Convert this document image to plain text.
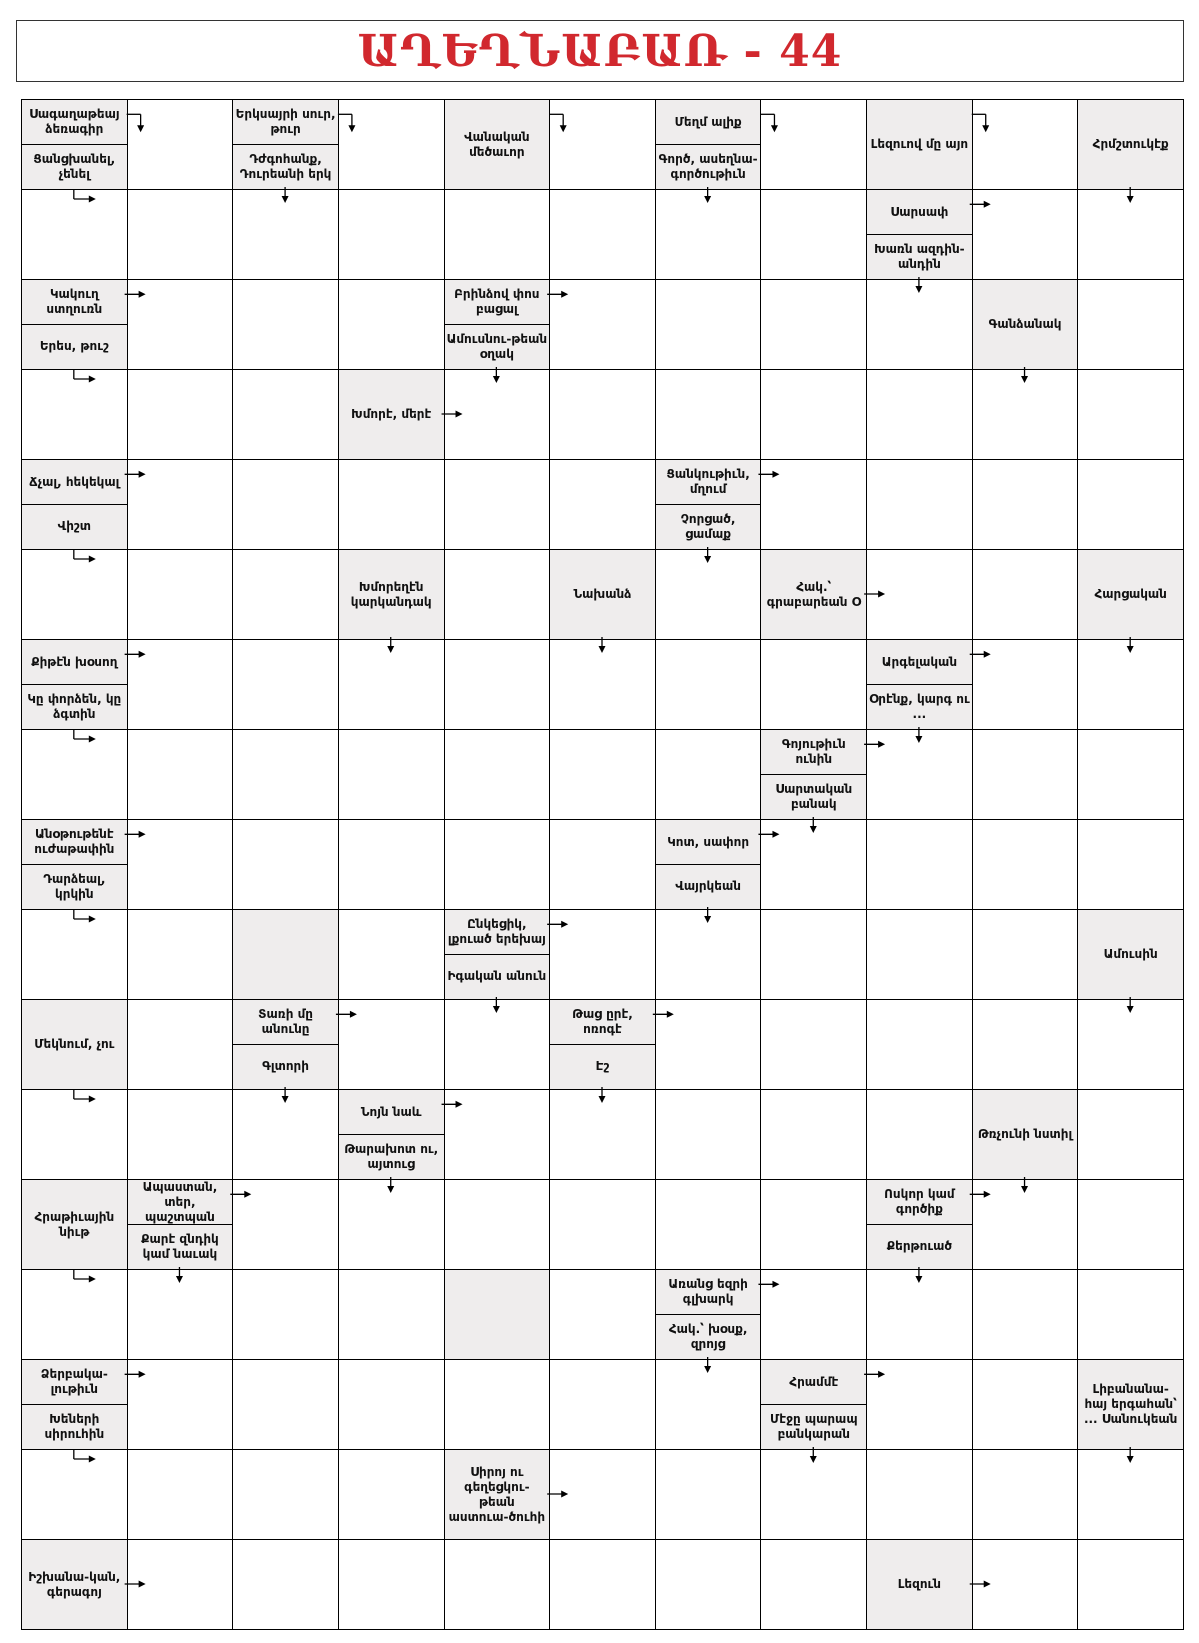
ԱՂԵՂՆԱԲԱՌ - 44
Սագաղաթեայ ձեռագիր
Ցանցխանել, չենել
Երկսայրի սուր, թուր
Դժգոհանք, Դուրեանի երկ
Վանական մեծաւոր
Մեղմ ալիք
Գործ, ասեղնա-գործութիւն
Լեզուով մը այո	Հրմշտուկէք
Սարսափ
Խառն ազդին-անդին
Կակուղ ստղուռն
Երես, թուշ
Բրինձով փոս բացալ
Ամուսնու-թեան օղակ
Գանձանակ
Խմորէ, մերէ
Ճչալ, հեկեկալ
Վիշտ
Ցանկութիւն, մղում
Չորցած, ցամաք
Խմորեղէն կարկանդակ
Նախանձ
Հակ.՝ գրաբարեան Օ
Հարցական
Քիթէն խօսող
Կը փորձեն, կը ձգտին
Արգելական
Օրէնք, կարգ ու ...
Գոյութիւն ունին
Սարտական բանակ
Անօթութենէ ուժաթափին
Դարձեալ, կրկին
Կոտ, սափոր
Վայրկեան
Ընկեցիկ, լքուած երեխայ
Իգական անուն
Ամուսին
Մեկնում, չու
Տառի մը անունը
Գլտորի
Թաց ըրէ, ոռոգէ
Էշ
Նոյն նաև
Թարախոտ ու, այտուց
Թռչունի նստիլ
Հրաթիւային նիւթ
Ապաստան, տեր, պաշտպան
Քարէ զնդիկ կամ նաւակ
Ոսկոր կամ գործիք
Քերթուած
Առանց եզրի գլխարկ
Հակ.՝ խօսք, զրոյց
Ձերբակա-լութիւն
Խեների սիրուհին
Հրամմէ
Մէջը պարապ բանկարան
Լիբանանա-հայ երգահան՝ ... Սանուկեան
Սիրոյ ու գեղեցկու-թեան աստուա-ծուհի
Իշխանա-կան, գերագոյ
Լեզուն
